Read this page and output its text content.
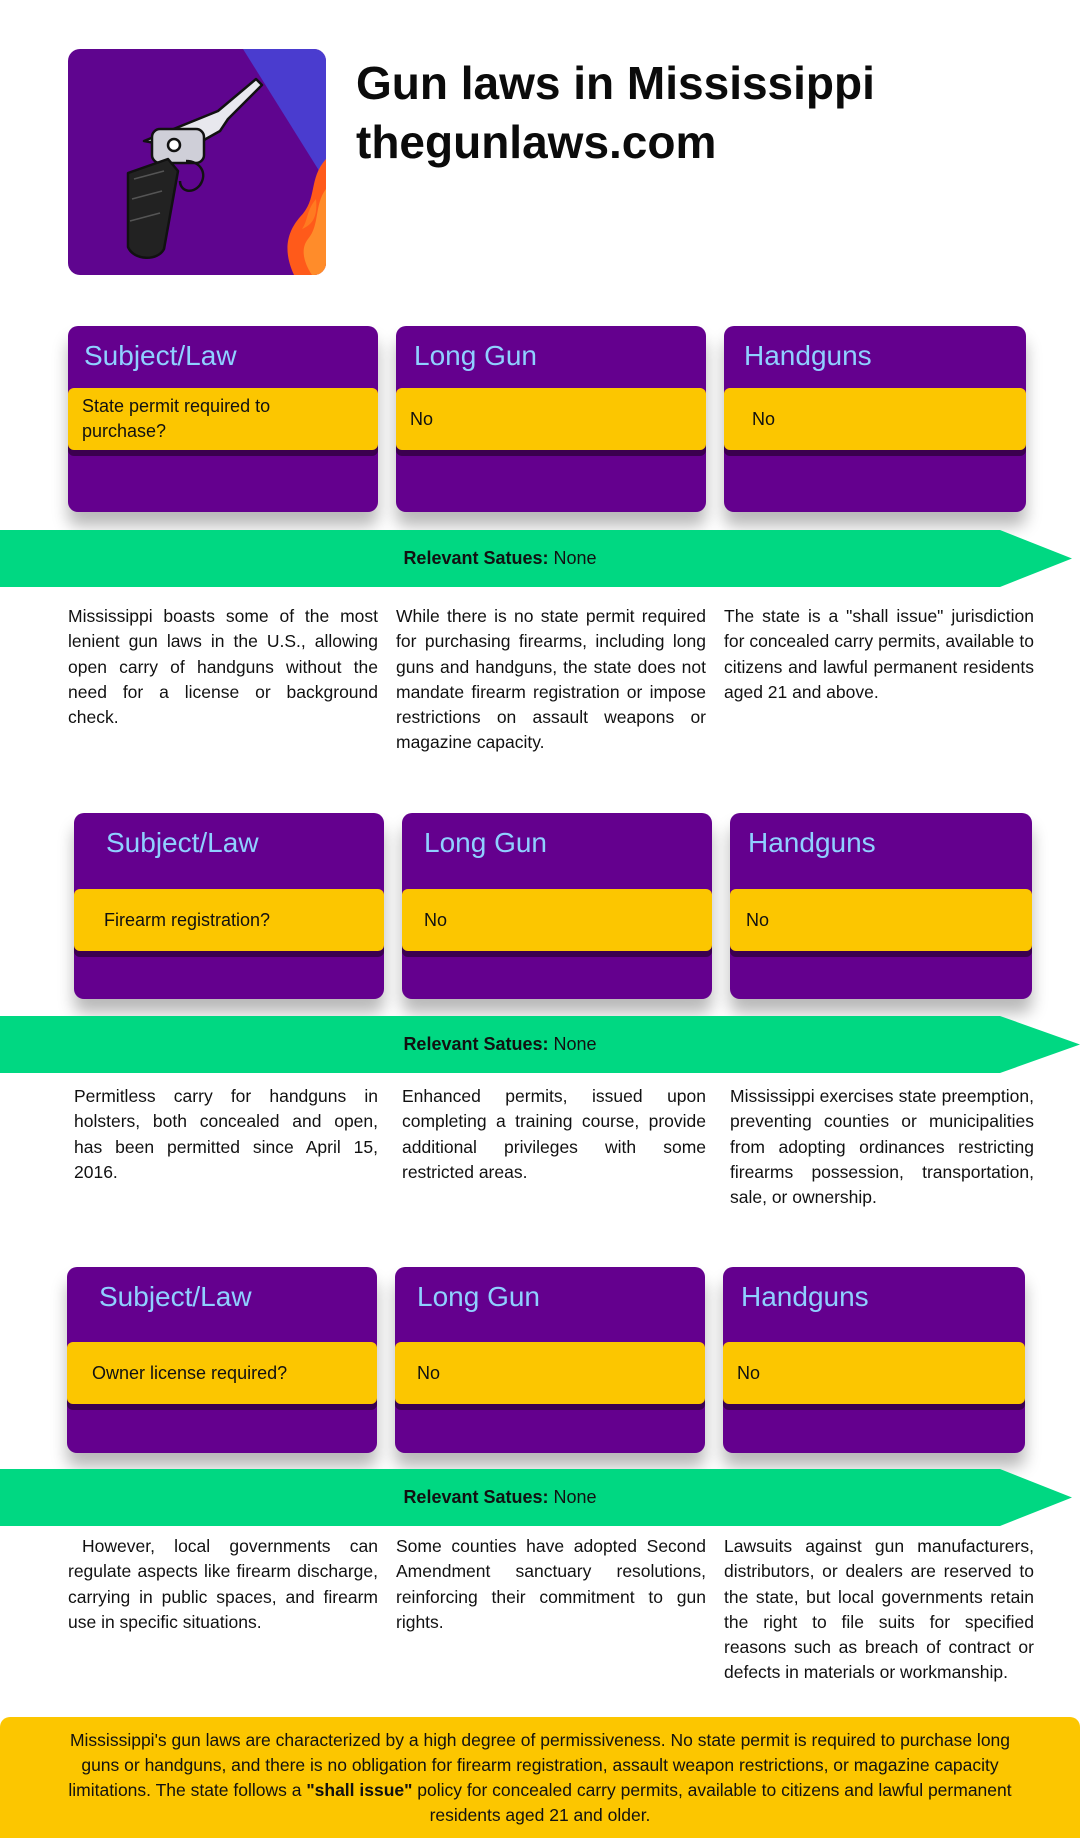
Gun laws in Mississippi
thegunlaws.com
Subject/Law
State permit required to purchase?
Long Gun
No
Handguns
No
Relevant Satues: None
Mississippi boasts some of the most lenient gun laws in the U.S., allowing open carry of handguns without the need for a license or background check.
While there is no state permit required for purchasing firearms, including long guns and handguns, the state does not mandate firearm registration or impose restrictions on assault weapons or magazine capacity.
The state is a "shall issue" jurisdiction for concealed carry permits, available to citizens and lawful permanent residents aged 21 and above.
Subject/Law
Firearm registration?
Long Gun
No
Handguns
No
Relevant Satues: None
Permitless carry for handguns in holsters, both concealed and open, has been permitted since April 15, 2016.
Enhanced permits, issued upon completing a training course, provide additional privileges with some restricted areas.
Mississippi exercises state preemption, preventing counties or municipalities from adopting ordinances restricting firearms possession, transportation, sale, or ownership.
Subject/Law
Owner license required?
Long Gun
No
Handguns
No
Relevant Satues: None
However, local governments can regulate aspects like firearm discharge, carrying in public spaces, and firearm use in specific situations.
Some counties have adopted Second Amendment sanctuary resolutions, reinforcing their commitment to gun rights.
Lawsuits against gun manufacturers, distributors, or dealers are reserved to the state, but local governments retain the right to file suits for specified reasons such as breach of contract or defects in materials or workmanship.
Mississippi's gun laws are characterized by a high degree of permissiveness. No state permit is required to purchase long guns or handguns, and there is no obligation for firearm registration, assault weapon restrictions, or magazine capacity limitations. The state follows a "shall issue" policy for concealed carry permits, available to citizens and lawful permanent residents aged 21 and older.
